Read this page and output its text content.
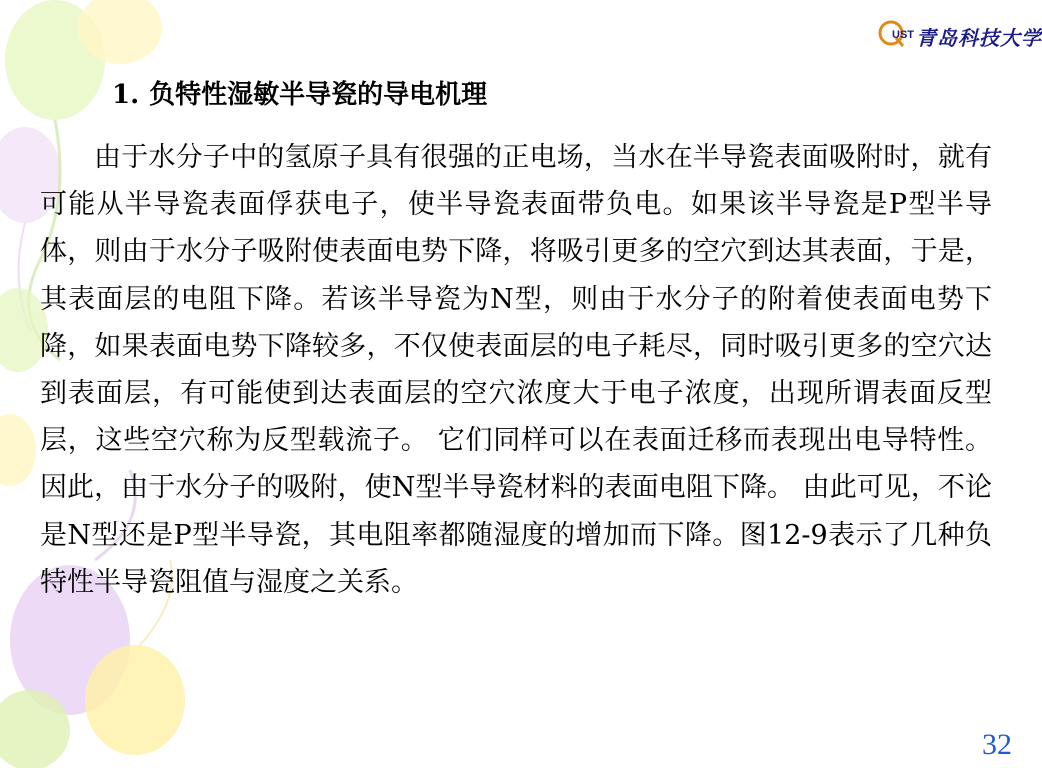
UST 青岛科技大学
1. 负特性湿敏半导瓷的导电机理

由于水分子中的氢原子具有很强的正电场，当水在半导瓷表面吸附时，就有可能从半导瓷表面俘获电子，使半导瓷表面带负电。如果该半导瓷是P型半导体，则由于水分子吸附使表面电势下降，将吸引更多的空穴到达其表面，于是，其表面层的电阻下降。若该半导瓷为N型，则由于水分子的附着使表面电势下降，如果表面电势下降较多，不仅使表面层的电子耗尽，同时吸引更多的空穴达到表面层，有可能使到达表面层的空穴浓度大于电子浓度，出现所谓表面反型层，这些空穴称为反型载流子。 它们同样可以在表面迁移而表现出电导特性。因此，由于水分子的吸附，使N型半导瓷材料的表面电阻下降。 由此可见，不论是N型还是P型半导瓷，其电阻率都随湿度的增加而下降。图12-9表示了几种负特性半导瓷阻值与湿度之关系。

32
